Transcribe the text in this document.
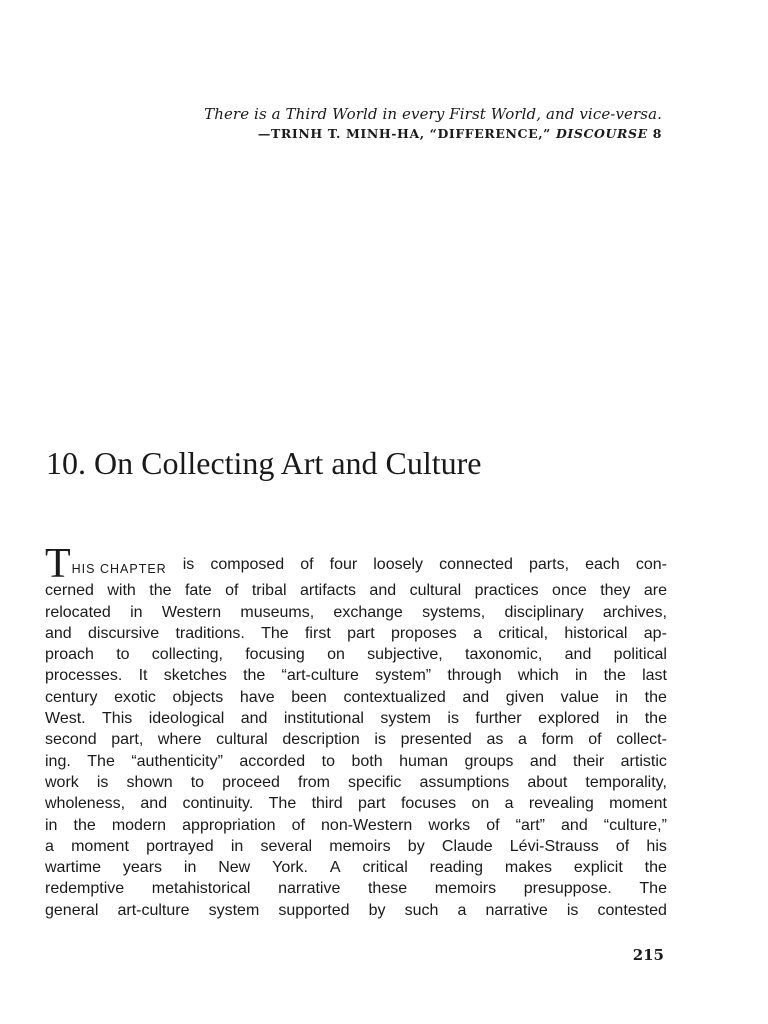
There is a Third World in every First World, and vice-versa.
—TRINH T. MINH-HA, “DIFFERENCE,” DISCOURSE 8
10. On Collecting Art and Culture
THIS CHAPTER is composed of four loosely connected parts, each con-
cerned with the fate of tribal artifacts and cultural practices once they are
relocated in Western museums, exchange systems, disciplinary archives,
and discursive traditions. The first part proposes a critical, historical ap-
proach to collecting, focusing on subjective, taxonomic, and political
processes. It sketches the “art-culture system” through which in the last
century exotic objects have been contextualized and given value in the
West. This ideological and institutional system is further explored in the
second part, where cultural description is presented as a form of collect-
ing. The “authenticity” accorded to both human groups and their artistic
work is shown to proceed from specific assumptions about temporality,
wholeness, and continuity. The third part focuses on a revealing moment
in the modern appropriation of non-Western works of “art” and “culture,”
a moment portrayed in several memoirs by Claude Lévi-Strauss of his
wartime years in New York. A critical reading makes explicit the
redemptive metahistorical narrative these memoirs presuppose. The
general art-culture system supported by such a narrative is contested
215
